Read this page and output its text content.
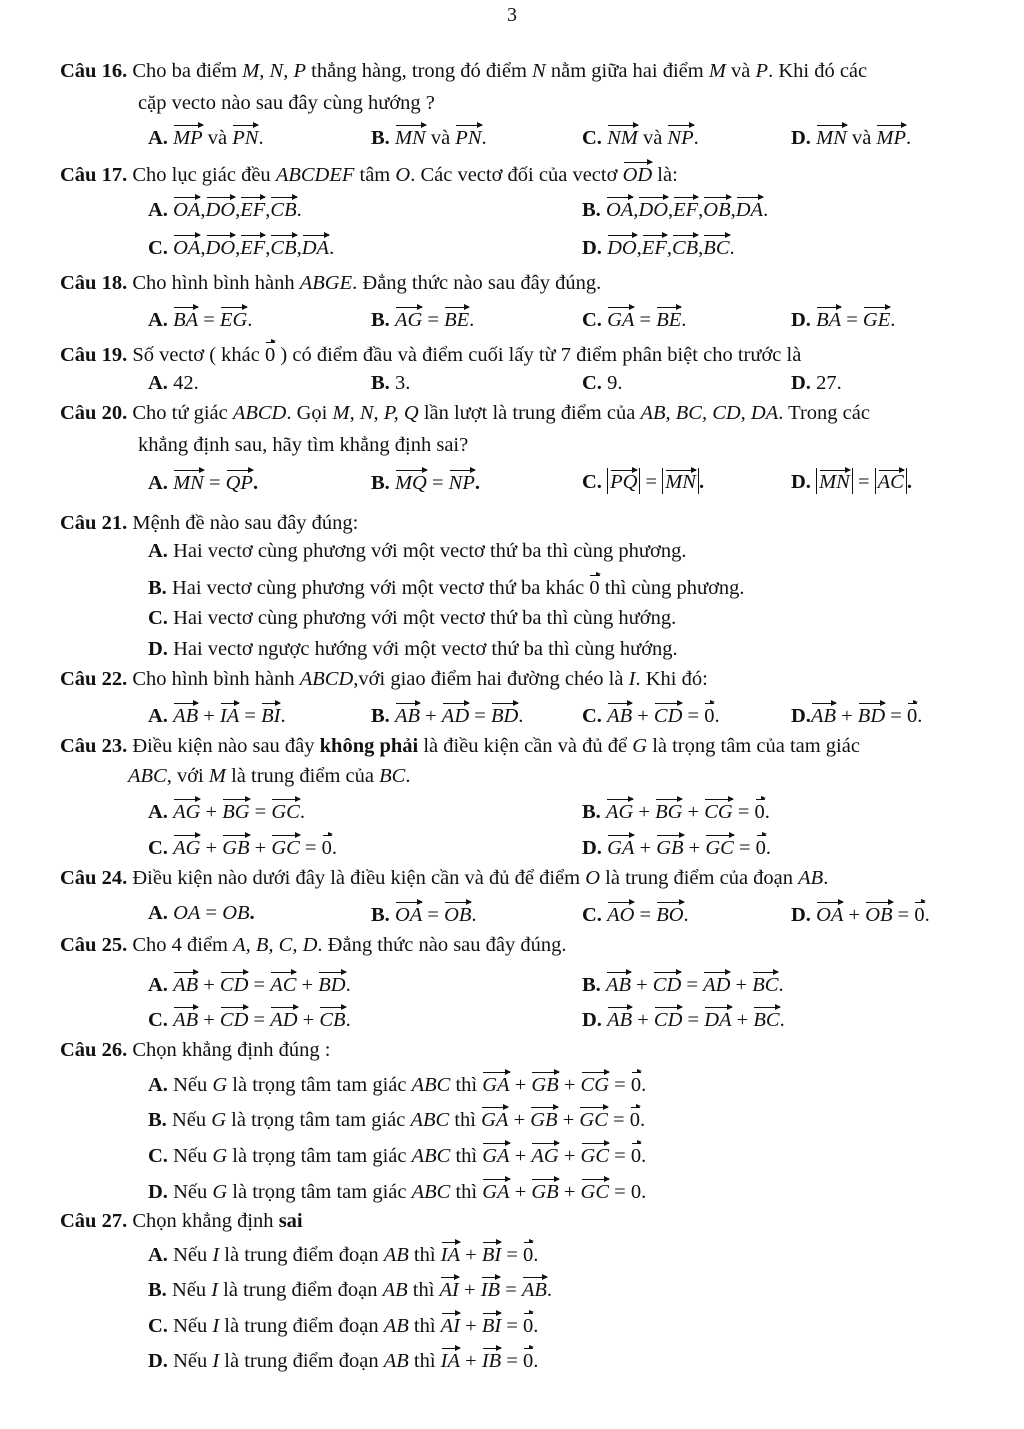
3
Câu 16. Cho ba điểm M, N, P thẳng hàng, trong đó điểm N nằm giữa hai điểm M và P. Khi đó các
cặp vecto nào sau đây cùng hướng ?
A. MP và PN.	B. MN và PN.	C. NM và NP.	D. MN và MP.
Câu 17. Cho lục giác đều ABCDEF tâm O. Các vectơ đối của vectơ OD là:
A. OA,DO,EF,CB.	B. OA,DO,EF,OB,DA.
C. OA,DO,EF,CB,DA.	D. DO,EF,CB,BC.
Câu 18. Cho hình bình hành ABGE. Đẳng thức nào sau đây đúng.
A. BA = EG.	B. AG = BE.	C. GA = BE.	D. BA = GE.
Câu 19. Số vectơ ( khác 0 ) có điểm đầu và điểm cuối lấy từ 7 điểm phân biệt cho trước là
A. 42.	B. 3.	C. 9.	D. 27.
Câu 20. Cho tứ giác ABCD. Gọi M, N, P, Q lần lượt là trung điểm của AB, BC, CD, DA. Trong các
khẳng định sau, hãy tìm khẳng định sai?
A. MN = QP.	B. MQ = NP.	C. PQ = MN .	D. MN = AC .
Câu 21. Mệnh đề nào sau đây đúng:
A. Hai vectơ cùng phương với một vectơ thứ ba thì cùng phương.
B. Hai vectơ cùng phương với một vectơ thứ ba khác 0 thì cùng phương.
C. Hai vectơ cùng phương với một vectơ thứ ba thì cùng hướng.
D. Hai vectơ ngược hướng với một vectơ thứ ba thì cùng hướng.
Câu 22. Cho hình bình hành ABCD,với giao điểm hai đường chéo là I. Khi đó:
A. AB + IA = BI.	B. AB + AD = BD.	C. AB + CD = 0.	D.AB + BD = 0.
Câu 23. Điều kiện nào sau đây không phải là điều kiện cần và đủ để G là trọng tâm của tam giác
ABC, với M là trung điểm của BC.
A. AG + BG = GC.	B. AG + BG + CG = 0.
C. AG + GB + GC = 0.	D. GA + GB + GC = 0.
Câu 24. Điều kiện nào dưới đây là điều kiện cần và đủ để điểm O là trung điểm của đoạn AB.
A. OA = OB.	B. OA = OB.	C. AO = BO.	D. OA + OB = 0.
Câu 25. Cho 4 điểm A, B, C, D. Đẳng thức nào sau đây đúng.
A. AB + CD = AC + BD.	B. AB + CD = AD + BC.
C. AB + CD = AD + CB.	D. AB + CD = DA + BC.
Câu 26. Chọn khẳng định đúng :
A. Nếu G là trọng tâm tam giác ABC thì GA + GB + CG = 0.
B. Nếu G là trọng tâm tam giác ABC thì GA + GB + GC = 0.
C. Nếu G là trọng tâm tam giác ABC thì GA + AG + GC = 0.
D. Nếu G là trọng tâm tam giác ABC thì GA + GB + GC = 0.
Câu 27. Chọn khẳng định sai
A. Nếu I là trung điểm đoạn AB thì IA + BI = 0.
B. Nếu I là trung điểm đoạn AB thì AI + IB = AB.
C. Nếu I là trung điểm đoạn AB thì AI + BI = 0.
D. Nếu I là trung điểm đoạn AB thì IA + IB = 0.
